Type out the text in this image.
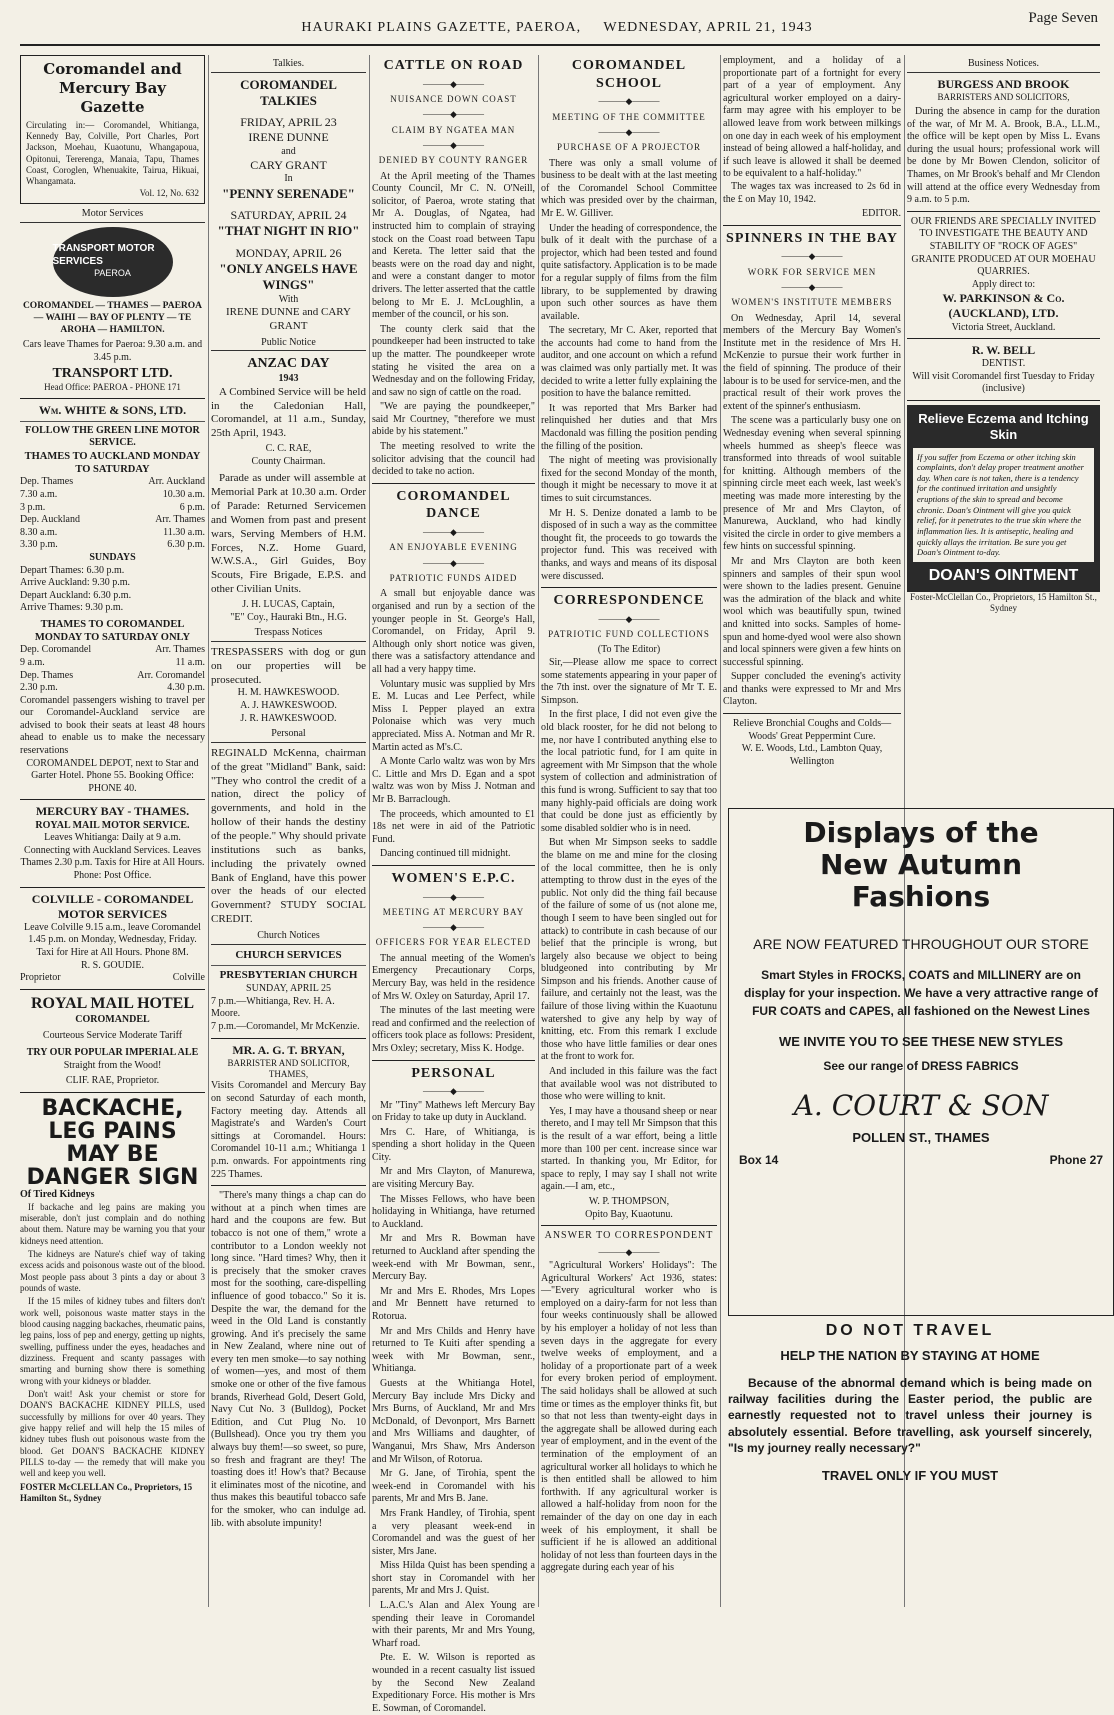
HAURAKI PLAINS GAZETTE, PAEROA,     WEDNESDAY, APRIL 21, 1943
Page Seven
Coromandel and Mercury Bay Gazette
Circulating in:— Coromandel, Whitianga, Kennedy Bay, Colville, Port Charles, Port Jackson, Moehau, Kuaotunu, Whangapoua, Opitonui, Tererenga, Manaia, Tapu, Thames Coast, Coroglen, Whenuakite, Tairua, Hikuai, Whangamata.
Vol. 12, No. 632
Motor Services
TRANSPORT MOTOR SERVICES
PAEROA
COROMANDEL — THAMES — PAEROA — WAIHI — BAY OF PLENTY — TE AROHA — HAMILTON.
Cars leave Thames for Paeroa: 9.30 a.m. and 3.45 p.m.
TRANSPORT LTD.
Head Office: PAEROA - PHONE 171
Wm. WHITE & SONS, LTD.
FOLLOW THE GREEN LINE MOTOR SERVICE.
THAMES TO AUCKLAND MONDAY TO SATURDAY
Dep. Thames	Arr. Auckland
7.30 a.m.	10.30 a.m.
3 p.m.	6 p.m.
Dep. Auckland	Arr. Thames
8.30 a.m.	11.30 a.m.
3.30 p.m.	6.30 p.m.
SUNDAYS
Depart Thames: 6.30 p.m.
Arrive Auckland: 9.30 p.m.
Depart Auckland: 6.30 p.m.
Arrive Thames: 9.30 p.m.
THAMES TO COROMANDEL MONDAY TO SATURDAY ONLY
Dep. Coromandel	Arr. Thames
9 a.m.	11 a.m.
Dep. Thames	Arr. Coromandel
2.30 p.m.	4.30 p.m.
Coromandel passengers wishing to travel per our Coromandel-Auckland service are advised to book their seats at least 48 hours ahead to enable us to make the necessary reservations
COROMANDEL DEPOT, next to Star and Garter Hotel. Phone 55. Booking Office: PHONE 40.
MERCURY BAY - THAMES.
ROYAL MAIL MOTOR SERVICE.
Leaves Whitianga: Daily at 9 a.m. Connecting with Auckland Services. Leaves Thames 2.30 p.m. Taxis for Hire at All Hours. Phone: Post Office.
COLVILLE - COROMANDEL MOTOR SERVICES
Leave Colville 9.15 a.m., leave Coromandel 1.45 p.m. on Monday, Wednesday, Friday. Taxi for Hire at All Hours. Phone 8M.
R. S. GOUDIE.
Proprietor	Colville
ROYAL MAIL HOTEL
COROMANDEL
Courteous Service Moderate Tariff
TRY OUR POPULAR IMPERIAL ALE
Straight from the Wood!
CLIF. RAE, Proprietor.
BACKACHE, LEG PAINS MAY BE DANGER SIGN
Of Tired Kidneys
If backache and leg pains are making you miserable, don't just complain and do nothing about them. Nature may be warning you that your kidneys need attention.
The kidneys are Nature's chief way of taking excess acids and poisonous waste out of the blood. Most people pass about 3 pints a day or about 3 pounds of waste.
If the 15 miles of kidney tubes and filters don't work well, poisonous waste matter stays in the blood causing nagging backaches, rheumatic pains, leg pains, loss of pep and energy, getting up nights, swelling, puffiness under the eyes, headaches and dizziness. Frequent and scanty passages with smarting and burning show there is something wrong with your kidneys or bladder.
Don't wait! Ask your chemist or store for DOAN'S BACKACHE KIDNEY PILLS, used successfully by millions for over 40 years. They give happy relief and will help the 15 miles of kidney tubes flush out poisonous waste from the blood. Get DOAN'S BACKACHE KIDNEY PILLS to-day — the remedy that will make you well and keep you well.
FOSTER McCLELLAN Co., Proprietors, 15 Hamilton St., Sydney
Talkies.
COROMANDEL TALKIES
FRIDAY, APRIL 23
IRENE DUNNE
and
CARY GRANT
In
"PENNY SERENADE"
SATURDAY, APRIL 24
"THAT NIGHT IN RIO"
MONDAY, APRIL 26
"ONLY ANGELS HAVE WINGS"
With
IRENE DUNNE and CARY GRANT
Public Notice
ANZAC DAY
1943
A Combined Service will be held in the Caledonian Hall, Coromandel, at 11 a.m., Sunday, 25th April, 1943.
C. C. RAE,
County Chairman.
Parade as under will assemble at Memorial Park at 10.30 a.m. Order of Parade: Returned Servicemen and Women from past and present wars, Serving Members of H.M. Forces, N.Z. Home Guard, W.W.S.A., Girl Guides, Boy Scouts, Fire Brigade, E.P.S. and other Civilian Units.
J. H. LUCAS, Captain,
"E" Coy., Hauraki Btn., H.G.
Trespass Notices
TRESPASSERS with dog or gun on our properties will be prosecuted.
H. M. HAWKESWOOD.
A. J. HAWKESWOOD.
J. R. HAWKESWOOD.
Personal
REGINALD McKenna, chairman of the great "Midland" Bank, said: "They who control the credit of a nation, direct the policy of governments, and hold in the hollow of their hands the destiny of the people." Why should private institutions such as banks, including the privately owned Bank of England, have this power over the heads of our elected Government? STUDY SOCIAL CREDIT.
Church Notices
CHURCH SERVICES
PRESBYTERIAN CHURCH
SUNDAY, APRIL 25
7 p.m.—Whitianga, Rev. H. A. Moore.
7 p.m.—Coromandel, Mr McKenzie.
MR. A. G. T. BRYAN,
BARRISTER AND SOLICITOR, THAMES,
Visits Coromandel and Mercury Bay on second Saturday of each month, Factory meeting day. Attends all Magistrate's and Warden's Court sittings at Coromandel. Hours: Coromandel 10-11 a.m.; Whitianga 1 p.m. onwards. For appointments ring 225 Thames.
"There's many things a chap can do without at a pinch when times are hard and the coupons are few. But tobacco is not one of them," wrote a contributor to a London weekly not long since. "Hard times? Why, then it is precisely that the smoker craves most for the soothing, care-dispelling influence of good tobacco." So it is. Despite the war, the demand for the weed in the Old Land is constantly growing. And it's precisely the same in New Zealand, where nine out of every ten men smoke—to say nothing of women—yes, and most of them smoke one or other of the five famous brands, Riverhead Gold, Desert Gold, Navy Cut No. 3 (Bulldog), Pocket Edition, and Cut Plug No. 10 (Bullshead). Once you try them you always buy them!—so sweet, so pure, so fresh and fragrant are they! The toasting does it! How's that? Because it eliminates most of the nicotine, and thus makes this beautiful tobacco safe for the smoker, who can indulge ad. lib. with absolute impunity!
CATTLE ON ROAD
———◆———
NUISANCE DOWN COAST
———◆———
CLAIM BY NGATEA MAN
———◆———
DENIED BY COUNTY RANGER
At the April meeting of the Thames County Council, Mr C. N. O'Neill, solicitor, of Paeroa, wrote stating that Mr A. Douglas, of Ngatea, had instructed him to complain of straying stock on the Coast road between Tapu and Kereta. The letter said that the beasts were on the road day and night, and were a constant danger to motor drivers. The letter asserted that the cattle belong to Mr E. J. McLoughlin, a member of the council, or his son.
The county clerk said that the poundkeeper had been instructed to take up the matter. The poundkeeper wrote stating he visited the area on a Wednesday and on the following Friday, and saw no sign of cattle on the road.
"We are paying the poundkeeper," said Mr Courtney, "therefore we must abide by his statement."
The meeting resolved to write the solicitor advising that the council had decided to take no action.
COROMANDEL DANCE
———◆———
AN ENJOYABLE EVENING
———◆———
PATRIOTIC FUNDS AIDED
A small but enjoyable dance was organised and run by a section of the younger people in St. George's Hall, Coromandel, on Friday, April 9. Although only short notice was given, there was a satisfactory attendance and all had a very happy time.
Voluntary music was supplied by Mrs E. M. Lucas and Lee Perfect, while Miss I. Pepper played an extra Polonaise which was very much appreciated. Miss A. Notman and Mr R. Martin acted as M's.C.
A Monte Carlo waltz was won by Mrs C. Little and Mrs D. Egan and a spot waltz was won by Miss J. Notman and Mr B. Barraclough.
The proceeds, which amounted to £1 18s net were in aid of the Patriotic Fund.
Dancing continued till midnight.
WOMEN'S E.P.C.
———◆———
MEETING AT MERCURY BAY
———◆———
OFFICERS FOR YEAR ELECTED
The annual meeting of the Women's Emergency Precautionary Corps, Mercury Bay, was held in the residence of Mrs W. Oxley on Saturday, April 17.
The minutes of the last meeting were read and confirmed and the reelection of officers took place as follows: President, Mrs Oxley; secretary, Miss K. Hodge.
PERSONAL
———◆———
Mr "Tiny" Mathews left Mercury Bay on Friday to take up duty in Auckland.
Mrs C. Hare, of Whitianga, is spending a short holiday in the Queen City.
Mr and Mrs Clayton, of Manurewa, are visiting Mercury Bay.
The Misses Fellows, who have been holidaying in Whitianga, have returned to Auckland.
Mr and Mrs R. Bowman have returned to Auckland after spending the week-end with Mr Bowman, senr., Mercury Bay.
Mr and Mrs E. Rhodes, Mrs Lopes and Mr Bennett have returned to Rotorua.
Mr and Mrs Childs and Henry have returned to Te Kuiti after spending a week with Mr Bowman, senr., Whitianga.
Guests at the Whitianga Hotel, Mercury Bay include Mrs Dicky and Mrs Burns, of Auckland, Mr and Mrs McDonald, of Devonport, Mrs Barnett and Mrs Williams and daughter, of Wanganui, Mrs Shaw, Mrs Anderson and Mr Wilson, of Rotorua.
Mr G. Jane, of Tirohia, spent the week-end in Coromandel with his parents, Mr and Mrs B. Jane.
Mrs Frank Handley, of Tirohia, spent a very pleasant week-end in Coromandel and was the guest of her sister, Mrs Jane.
Miss Hilda Quist has been spending a short stay in Coromandel with her parents, Mr and Mrs J. Quist.
L.A.C.'s Alan and Alex Young are spending their leave in Coromandel with their parents, Mr and Mrs Young, Wharf road.
Pte. E. W. Wilson is reported as wounded in a recent casualty list issued by the Second New Zealand Expeditionary Force. His mother is Mrs E. Sowman, of Coromandel.
COROMANDEL SCHOOL
———◆———
MEETING OF THE COMMITTEE
———◆———
PURCHASE OF A PROJECTOR
There was only a small volume of business to be dealt with at the last meeting of the Coromandel School Committee which was presided over by the chairman, Mr E. W. Gilliver.
Under the heading of correspondence, the bulk of it dealt with the purchase of a projector, which had been tested and found quite satisfactory. Application is to be made for a regular supply of films from the film library, to be supplemented by drawing upon such other sources as have them available.
The secretary, Mr C. Aker, reported that the accounts had come to hand from the auditor, and one account on which a refund was claimed was only partially met. It was decided to write a letter fully explaining the position to have the balance remitted.
It was reported that Mrs Barker had relinquished her duties and that Mrs Macdonald was filling the position pending the filling of the position.
The night of meeting was provisionally fixed for the second Monday of the month, though it might be necessary to move it at times to suit circumstances.
Mr H. S. Denize donated a lamb to be disposed of in such a way as the committee thought fit, the proceeds to go towards the projector fund. This was received with thanks, and ways and means of its disposal were discussed.
CORRESPONDENCE
———◆———
PATRIOTIC FUND COLLECTIONS
(To The Editor)
Sir,—Please allow me space to correct some statements appearing in your paper of the 7th inst. over the signature of Mr T. E. Simpson.
In the first place, I did not even give the old black rooster, for he did not belong to me, nor have I contributed anything else to the local patriotic fund, for I am quite in agreement with Mr Simpson that the whole system of collection and administration of this fund is wrong. Sufficient to say that too many highly-paid officials are doing work that could be done just as efficiently by some disabled soldier who is in need.
But when Mr Simpson seeks to saddle the blame on me and mine for the closing of the local committee, then he is only attempting to throw dust in the eyes of the public. Not only did the thing fail because of the failure of some of us (not alone me, though I seem to have been singled out for attack) to contribute in cash because of our belief that the principle is wrong, but largely also because we object to being bludgeoned into contributing by Mr Simpson and his friends. Another cause of failure, and certainly not the least, was the failure of those living within the Kuaotunu watershed to give any help by way of knitting, etc. From this remark I exclude those who have little families or dear ones at the front to work for.
And included in this failure was the fact that available wool was not distributed to those who were willing to knit.
Yes, I may have a thousand sheep or near thereto, and I may tell Mr Simpson that this is the result of a war effort, being a little more than 100 per cent. increase since war started. In thanking you, Mr Editor, for space to reply, I may say I shall not write again.—I am, etc.,
W. P. THOMPSON,
Opito Bay, Kuaotunu.
ANSWER TO CORRESPONDENT
———◆———
"Agricultural Workers' Holidays": The Agricultural Workers' Act 1936, states:—"Every agricultural worker who is employed on a dairy-farm for not less than four weeks continuously shall be allowed by his employer a holiday of not less than seven days in the aggregate for every twelve weeks of employment, and a holiday of a proportionate part of a week for every broken period of employment. The said holidays shall be allowed at such time or times as the employer thinks fit, but so that not less than twenty-eight days in the aggregate shall be allowed during each year of employment, and in the event of the termination of the employment of an agricultural worker all holidays to which he is then entitled shall be allowed to him forthwith. If any agricultural worker is allowed a half-holiday from noon for the remainder of the day on one day in each week of his employment, it shall be sufficient if he is allowed an additional holiday of not less than fourteen days in the aggregate during each year of his
employment, and a holiday of a proportionate part of a fortnight for every part of a year of employment. Any agricultural worker employed on a dairy-farm may agree with his employer to be allowed leave from work between milkings on one day in each week of his employment instead of being allowed a half-holiday, and if such leave is allowed it shall be deemed to be equivalent to a half-holiday."
The wages tax was increased to 2s 6d in the £ on May 10, 1942.
EDITOR.
SPINNERS IN THE BAY
———◆———
WORK FOR SERVICE MEN
———◆———
WOMEN'S INSTITUTE MEMBERS
On Wednesday, April 14, several members of the Mercury Bay Women's Institute met in the residence of Mrs H. McKenzie to pursue their work further in the field of spinning. The produce of their labour is to be used for service-men, and the practical result of their work proves the extent of the spinner's enthusiasm.
The scene was a particularly busy one on Wednesday evening when several spinning wheels hummed as sheep's fleece was transformed into threads of wool suitable for knitting. Although members of the spinning circle meet each week, last week's meeting was made more interesting by the presence of Mr and Mrs Clayton, of Manurewa, Auckland, who had kindly visited the circle in order to give members a few hints on successful spinning.
Mr and Mrs Clayton are both keen spinners and samples of their spun wool were shown to the ladies present. Genuine was the admiration of the black and white wool which was beautifully spun, twined and knitted into socks. Samples of home-spun and home-dyed wool were also shown and local spinners were given a few hints on successful spinning.
Supper concluded the evening's activity and thanks were expressed to Mr and Mrs Clayton.
Relieve Bronchial Coughs and Colds—Woods' Great Peppermint Cure.
W. E. Woods, Ltd., Lambton Quay, Wellington
Business Notices.
BURGESS AND BROOK
BARRISTERS AND SOLICITORS,
During the absence in camp for the duration of the war, of Mr M. A. Brook, B.A., LL.M., the office will be kept open by Miss L. Evans during the usual hours; professional work will be done by Mr Bowen Clendon, solicitor of Thames, on Mr Brook's behalf and Mr Clendon will attend at the office every Wednesday from 9 a.m. to 5 p.m.
OUR FRIENDS ARE SPECIALLY INVITED TO INVESTIGATE THE BEAUTY AND STABILITY OF "ROCK OF AGES" GRANITE PRODUCED AT OUR MOEHAU QUARRIES.
Apply direct to:
W. PARKINSON & Co. (AUCKLAND), LTD.
Victoria Street, Auckland.
R. W. BELL
DENTIST.
Will visit Coromandel first Tuesday to Friday (inclusive)
Relieve Eczema and Itching Skin
If you suffer from Eczema or other itching skin complaints, don't delay proper treatment another day. When care is not taken, there is a tendency for the continued irritation and unsightly eruptions of the skin to spread and become chronic. Doan's Ointment will give you quick relief, for it penetrates to the true skin where the inflammation lies. It is antiseptic, healing and quickly allays the irritation. Be sure you get Doan's Ointment to-day.
DOAN'S OINTMENT
Foster-McClellan Co., Proprietors, 15 Hamilton St., Sydney
Displays of the
New Autumn
Fashions
ARE NOW FEATURED THROUGHOUT OUR STORE
Smart Styles in FROCKS, COATS and MILLINERY are on display for your inspection. We have a very attractive range of FUR COATS and CAPES, all fashioned on the Newest Lines
WE INVITE YOU TO SEE THESE NEW STYLES
See our range of DRESS FABRICS
A. COURT & SON
POLLEN ST., THAMES
Box 14	Phone 27
DO NOT TRAVEL
HELP THE NATION BY STAYING AT HOME
Because of the abnormal demand which is being made on railway facilities during the Easter period, the public are earnestly requested not to travel unless their journey is absolutely essential. Before travelling, ask yourself sincerely, "Is my journey really necessary?"
TRAVEL ONLY IF YOU MUST
